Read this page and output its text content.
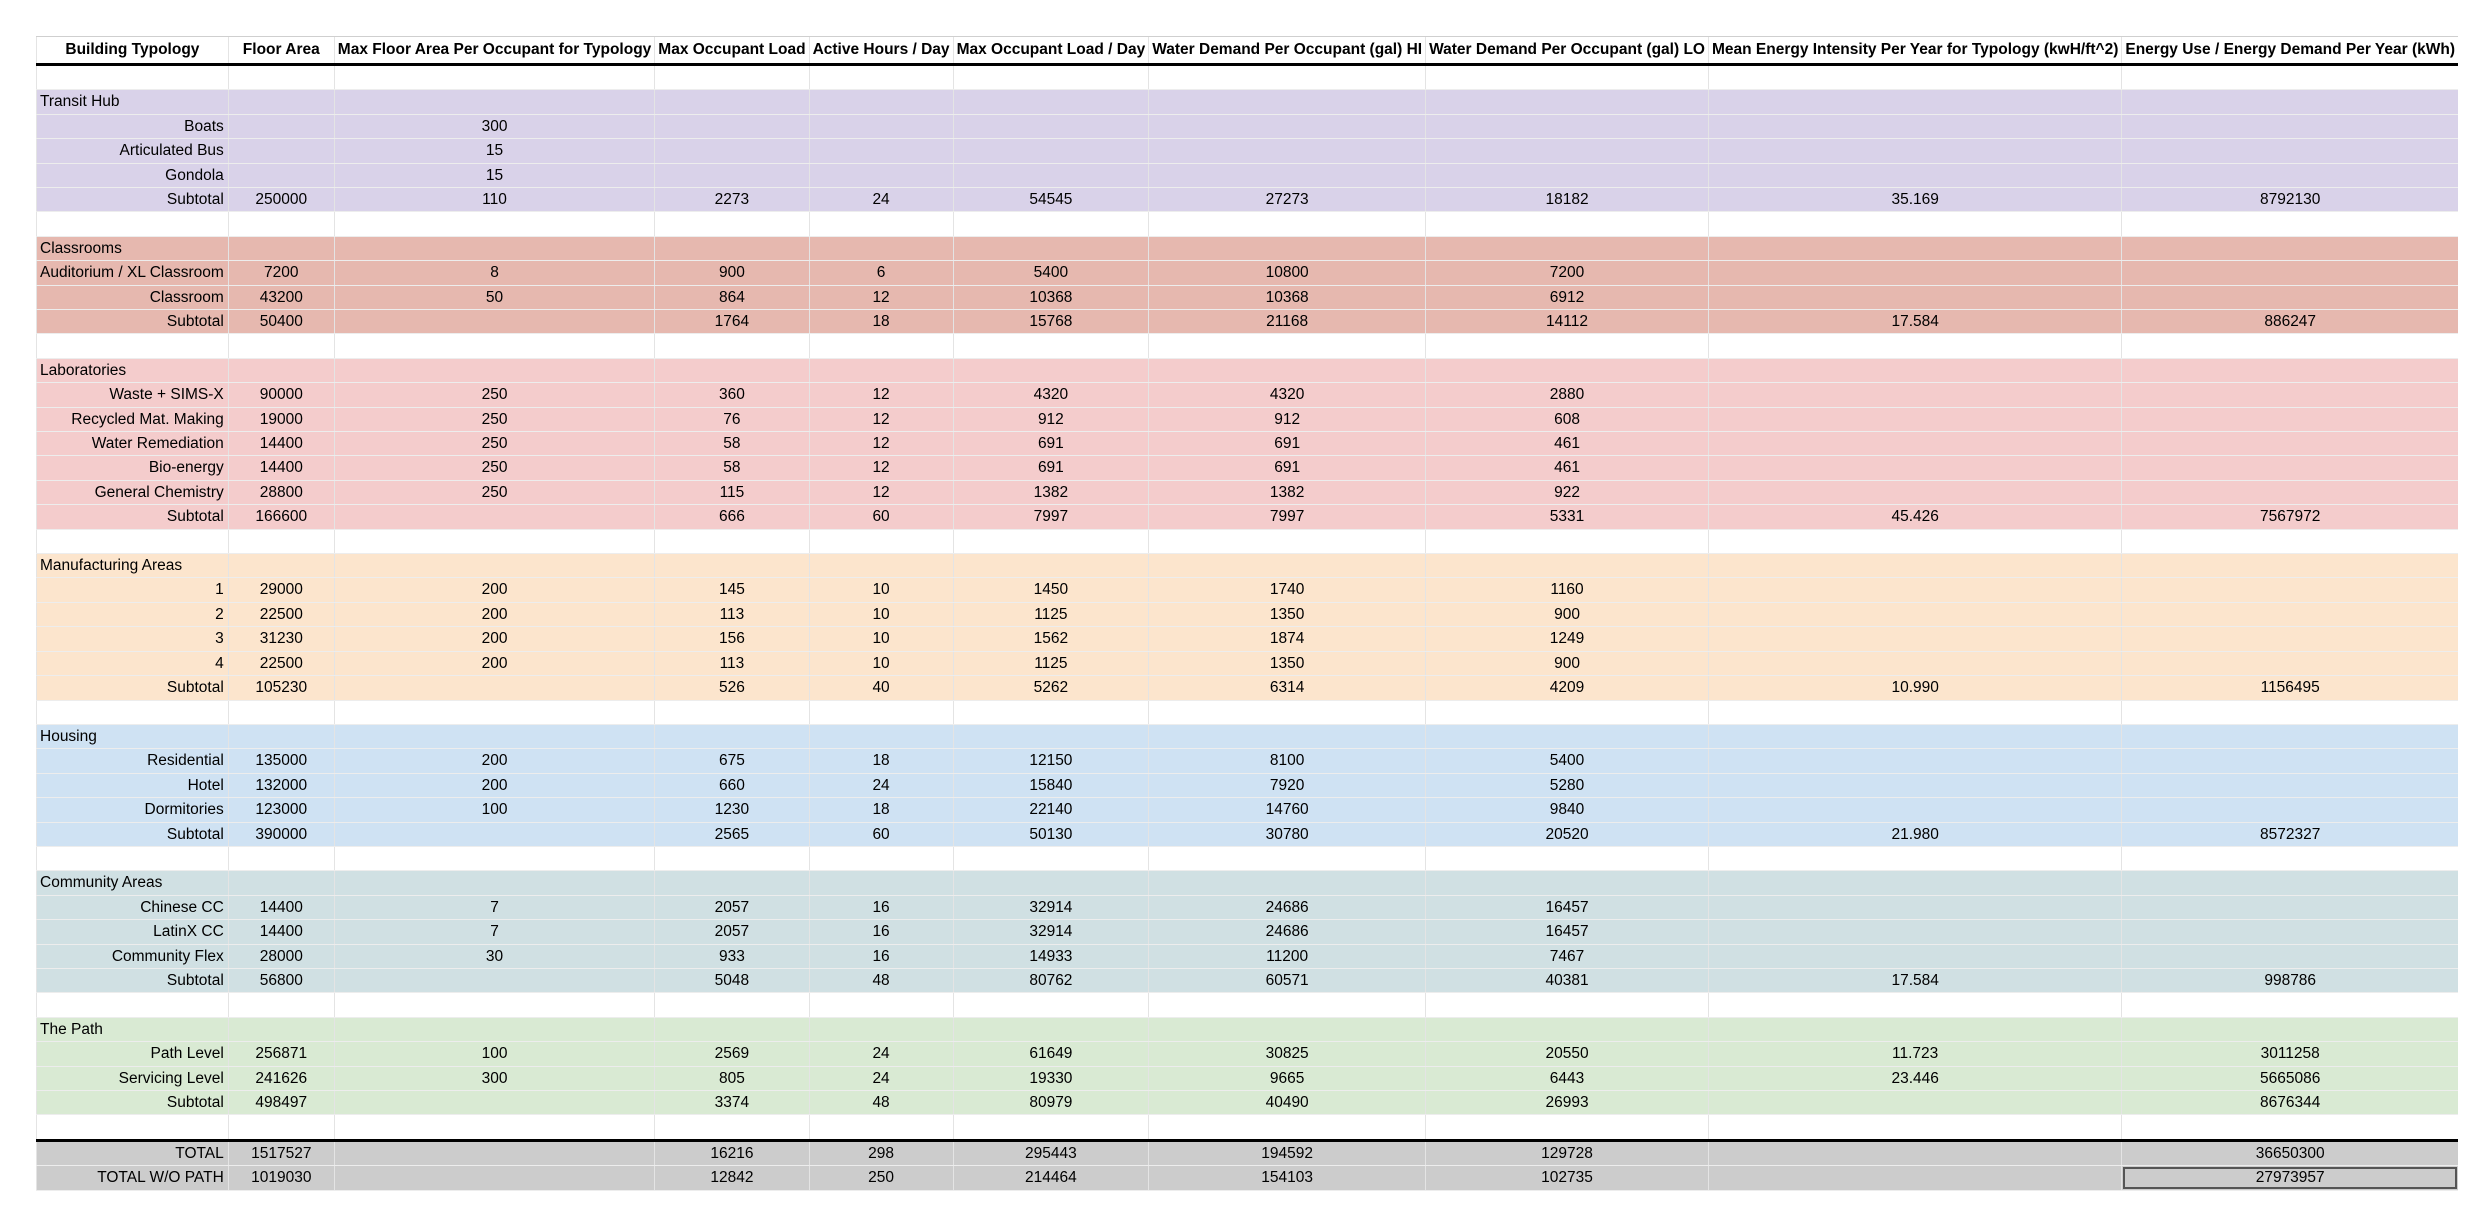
Building Typology	Floor Area	Max Floor Area Per Occupant for Typology	Max Occupant Load	Active Hours / Day	Max Occupant Load / Day	Water Demand Per Occupant (gal) HI	Water Demand Per Occupant (gal) LO	Mean Energy Intensity Per Year for Typology (kwH/ft^2)	Energy Use / Energy Demand Per Year (kWh)

Transit Hub									
Boats		300							
Articulated Bus		15							
Gondola		15							
Subtotal	250000	110	2273	24	54545	27273	18182	35.169	8792130

Classrooms									
Auditorium / XL Classroom	7200	8	900	6	5400	10800	7200		
Classroom	43200	50	864	12	10368	10368	6912		
Subtotal	50400		1764	18	15768	21168	14112	17.584	886247

Laboratories									
Waste + SIMS-X	90000	250	360	12	4320	4320	2880		
Recycled Mat. Making	19000	250	76	12	912	912	608		
Water Remediation	14400	250	58	12	691	691	461		
Bio-energy	14400	250	58	12	691	691	461		
General Chemistry	28800	250	115	12	1382	1382	922		
Subtotal	166600		666	60	7997	7997	5331	45.426	7567972

Manufacturing Areas									
1	29000	200	145	10	1450	1740	1160		
2	22500	200	113	10	1125	1350	900		
3	31230	200	156	10	1562	1874	1249		
4	22500	200	113	10	1125	1350	900		
Subtotal	105230		526	40	5262	6314	4209	10.990	1156495

Housing									
Residential	135000	200	675	18	12150	8100	5400		
Hotel	132000	200	660	24	15840	7920	5280		
Dormitories	123000	100	1230	18	22140	14760	9840		
Subtotal	390000		2565	60	50130	30780	20520	21.980	8572327

Community Areas									
Chinese CC	14400	7	2057	16	32914	24686	16457		
LatinX CC	14400	7	2057	16	32914	24686	16457		
Community Flex	28000	30	933	16	14933	11200	7467		
Subtotal	56800		5048	48	80762	60571	40381	17.584	998786

The Path									
Path Level	256871	100	2569	24	61649	30825	20550	11.723	3011258
Servicing Level	241626	300	805	24	19330	9665	6443	23.446	5665086
Subtotal	498497		3374	48	80979	40490	26993		8676344

TOTAL	1517527		16216	298	295443	194592	129728		36650300
TOTAL W/O PATH	1019030		12842	250	214464	154103	102735		27973957
